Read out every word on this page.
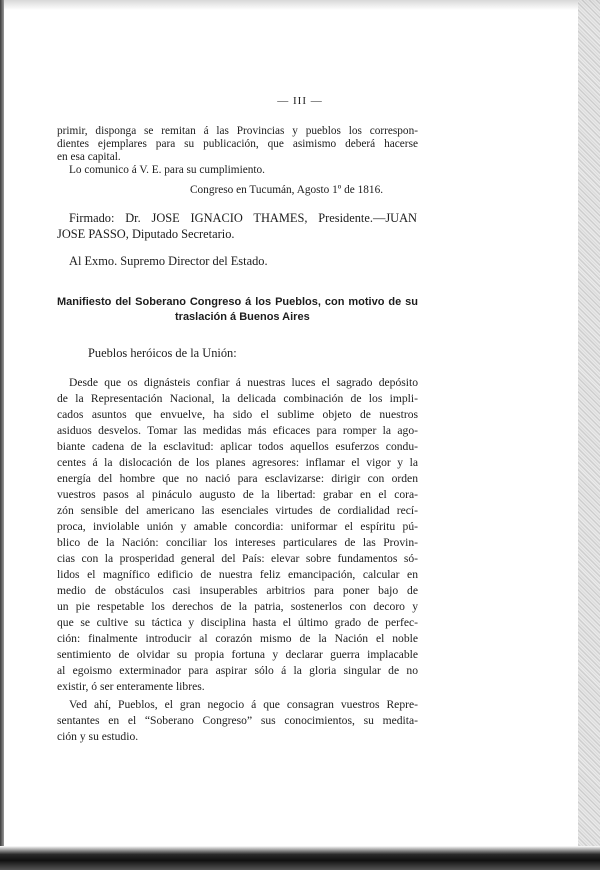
— III —
primir, disponga se remitan á las Provincias y pueblos los correspon-
dientes ejemplares para su publicación, que asimismo deberá hacerse
en esa capital.
Lo comunico á V. E. para su cumplimiento.
Congreso en Tucumán, Agosto 1º de 1816.
Firmado: Dr. JOSE IGNACIO THAMES, Presidente.—JUAN
JOSE PASSO, Diputado Secretario.
Al Exmo. Supremo Director del Estado.
Manifiesto del Soberano Congreso á los Pueblos, con motivo de su
traslación á Buenos Aires
Pueblos heróicos de la Unión:
Desde que os dignásteis confiar á nuestras luces el sagrado depósito
de la Representación Nacional, la delicada combinación de los impli-
cados asuntos que envuelve, ha sido el sublime objeto de nuestros
asiduos desvelos. Tomar las medidas más eficaces para romper la ago-
biante cadena de la esclavitud: aplicar todos aquellos esuferzos condu-
centes á la dislocación de los planes agresores: inflamar el vigor y la
energía del hombre que no nació para esclavizarse: dirigir con orden
vuestros pasos al pináculo augusto de la libertad: grabar en el cora-
zón sensible del americano las esenciales virtudes de cordialidad recí-
proca, inviolable unión y amable concordia: uniformar el espíritu pú-
blico de la Nación: conciliar los intereses particulares de las Provin-
cias con la prosperidad general del País: elevar sobre fundamentos só-
lidos el magnífico edificio de nuestra feliz emancipación, calcular en
medio de obstáculos casi insuperables arbitrios para poner bajo de
un pie respetable los derechos de la patria, sostenerlos con decoro y
que se cultive su táctica y disciplina hasta el último grado de perfec-
ción: finalmente introducir al corazón mismo de la Nación el noble
sentimiento de olvidar su propia fortuna y declarar guerra implacable
al egoismo exterminador para aspirar sólo á la gloria singular de no
existir, ó ser enteramente libres.
Ved ahí, Pueblos, el gran negocio á que consagran vuestros Repre-
sentantes en el “Soberano Congreso” sus conocimientos, su medita-
ción y su estudio.
